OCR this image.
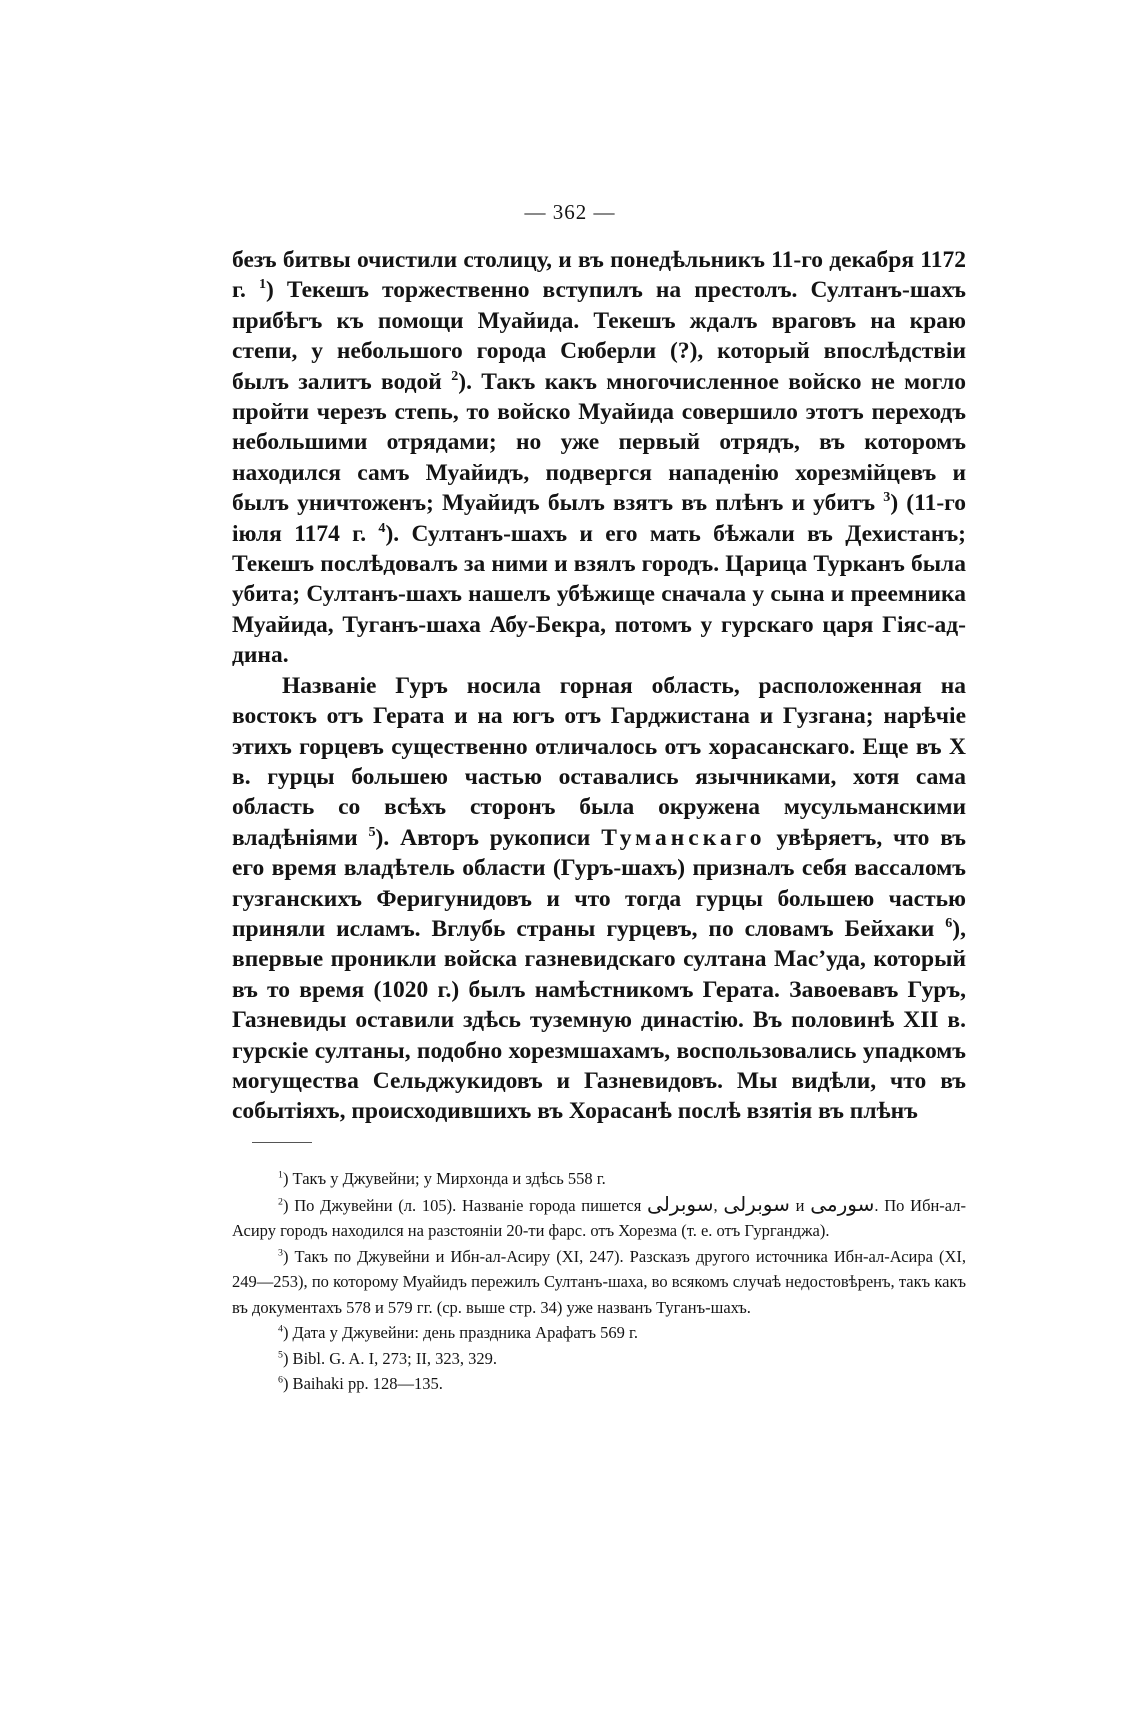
— 362 —

безъ битвы очистили столицу, и въ понедѣльникъ 11-го декабря 1172 г. $^1$) Текешъ торжественно вступилъ на престолъ. Султанъ-шахъ прибѣгъ къ помощи Муайида. Текешъ ждалъ враговъ на краю степи, у небольшого города Сюберли (?), который впослѣдствіи былъ залитъ водой $^2$). Такъ какъ многочисленное войско не могло пройти черезъ степь, то войско Муайида совершило этотъ переходъ небольшими отрядами; но уже первый отрядъ, въ которомъ находился самъ Муайидъ, подвергся нападенію хорезмійцевъ и былъ уничтоженъ; Муайидъ былъ взятъ въ плѣнъ и убитъ $^3$) (11-го іюля 1174 г. $^4$). Султанъ-шахъ и его мать бѣжали въ Дехистанъ; Текешъ послѣдовалъ за ними и взялъ городъ. Царица Турканъ была убита; Султанъ-шахъ нашелъ убѣжище сначала у сына и преемника Муайида, Туганъ-шаха Абу-Бекра, потомъ у гурскаго царя Гіяс-ад-дина.

Названіе Гуръ носила горная область, расположенная на востокъ отъ Герата и на югъ отъ Гарджистана и Гузгана; нарѣчіе этихъ горцевъ существенно отличалось отъ хорасанскаго. Еще въ X в. гурцы большею частью оставались язычниками, хотя сама область со всѣхъ сторонъ была окружена мусульманскими владѣніями $^5$). Авторъ рукописи Туманскаго увѣряетъ, что въ его время владѣтель области (Гуръ-шахъ) призналъ себя вассаломъ гузганскихъ Феригунидовъ и что тогда гурцы большею частью приняли исламъ. Вглубь страны гурцевъ, по словамъ Бейхаки $^6$), впервые проникли войска газневидскаго султана Мас’уда, который въ то время (1020 г.) былъ намѣстникомъ Герата. Завоевавъ Гуръ, Газневиды оставили здѣсь туземную династію. Въ половинѣ XII в. гурскіе султаны, подобно хорезмшахамъ, воспользовались упадкомъ могущества Сельджукидовъ и Газневидовъ. Мы видѣли, что въ событіяхъ, происходившихъ въ Хорасанѣ послѣ взятія въ плѣнъ

$^1$) Такъ у Джувейни; у Мирхонда и здѣсь 558 г.

$^2$) По Джувейни (л. 105). Названіе города пишется سوبرلی, سوبرلى и سورمى. По Ибн-ал-Асиру городъ находился на разстояніи 20-ти фарс. отъ Хорезма (т. е. отъ Гурганджа).

$^3$) Такъ по Джувейни и Ибн-ал-Асиру (XI, 247). Разсказъ другого источника Ибн-ал-Асира (XI, 249—253), по которому Муайидъ пережилъ Султанъ-шаха, во всякомъ случаѣ недостовѣренъ, такъ какъ въ документахъ 578 и 579 гг. (ср. выше стр. 34) уже названъ Туганъ-шахъ.

$^4$) Дата у Джувейни: день праздника Арафатъ 569 г.

$^5$) Bibl. G. A. I, 273; II, 323, 329.

$^6$) Baihaki pp. 128—135.
